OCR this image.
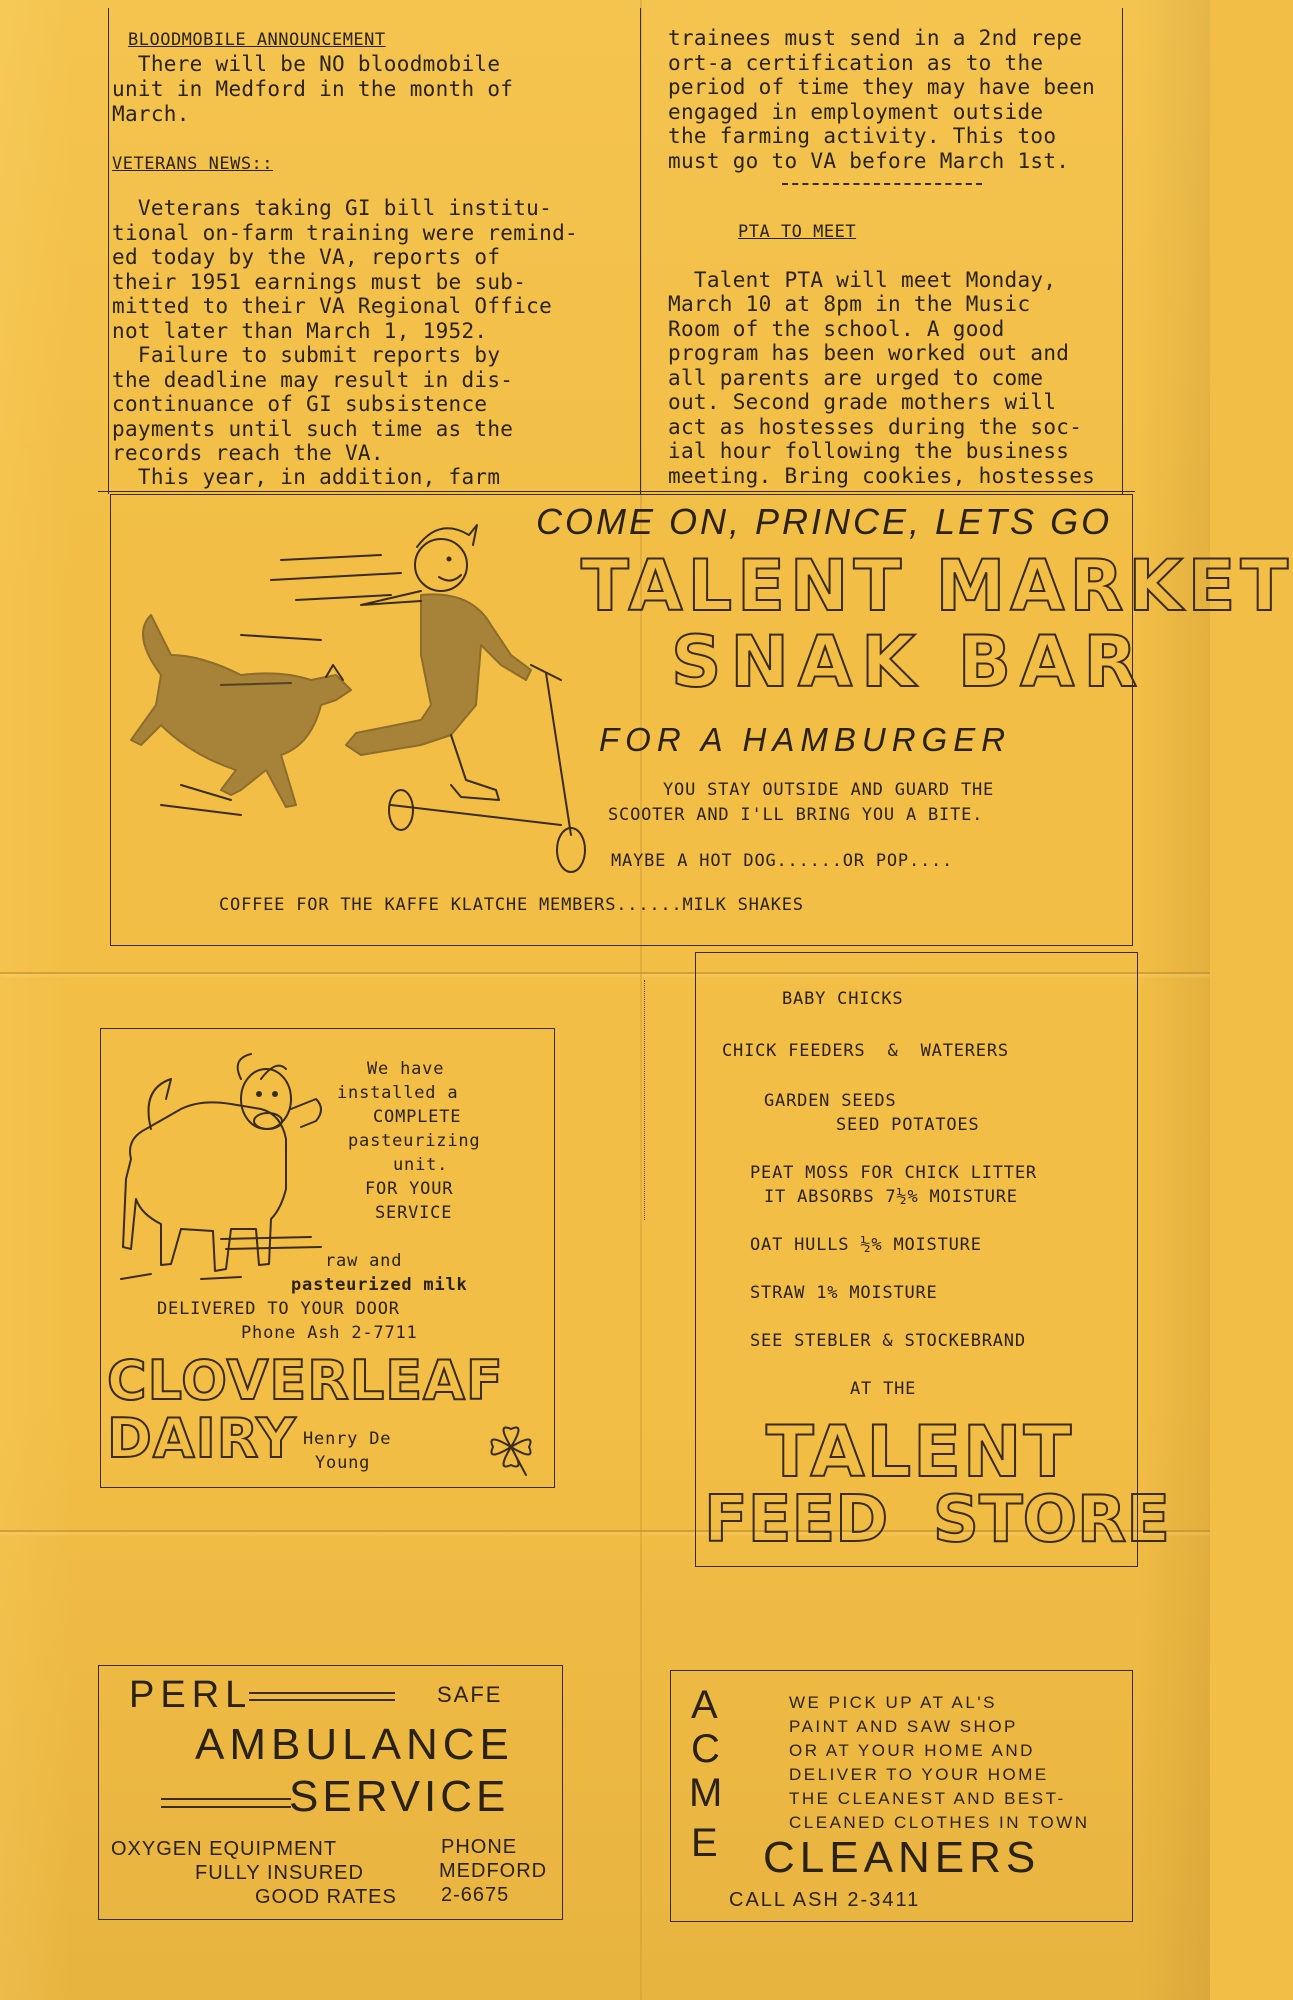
BLOODMOBILE ANNOUNCEMENT
There will be NO bloodmobile
unit in Medford in the month of
March.
VETERANS NEWS::
Veterans taking GI bill institu-
tional on-farm training were remind-
ed today by the VA, reports of
their 1951 earnings must be sub-
mitted to their VA Regional Office
not later than March 1, 1952.
Failure to submit reports by
the deadline may result in dis-
continuance of GI subsistence
payments until such time as the
records reach the VA.
This year, in addition, farm
trainees must send in a 2nd repe
ort-a certification as to the
period of time they may have been
engaged in employment outside
the farming activity. This too
must go to VA before March 1st.
PTA TO MEET
Talent PTA will meet Monday,
March 10 at 8pm in the Music
Room of the school. A good
program has been worked out and
all parents are urged to come
out. Second grade mothers will
act as hostesses during the soc-
ial hour following the business
meeting. Bring cookies, hostesses
COME ON, PRINCE, LETS GO
TALENT MARKET
SNAK BAR
FOR A HAMBURGER
YOU STAY OUTSIDE AND GUARD THE
SCOOTER AND I'LL BRING YOU A BITE.
MAYBE A HOT DOG......OR POP....
COFFEE FOR THE KAFFE KLATCHE MEMBERS......MILK SHAKES
We have
installed a
COMPLETE
pasteurizing
unit.
FOR YOUR
SERVICE
raw and
pasteurized milk
DELIVERED TO YOUR DOOR
Phone Ash 2-7711
CLOVERLEAF
DAIRY Henry De
Young
BABY CHICKS
CHICK FEEDERS  &  WATERERS
GARDEN SEEDS
SEED POTATOES
PEAT MOSS FOR CHICK LITTER
IT ABSORBS 7½% MOISTURE
OAT HULLS ½% MOISTURE
STRAW 1% MOISTURE
SEE STEBLER & STOCKEBRAND
AT THE
TALENT
FEED  STORE
PERL	SAFE
AMBULANCE
SERVICE
OXYGEN EQUIPMENT
FULLY INSURED
GOOD RATES
PHONE
MEDFORD
2-6675
A
C
M
E
WE PICK UP AT AL'S
PAINT AND SAW SHOP
OR AT YOUR HOME AND
DELIVER TO YOUR HOME
THE CLEANEST AND BEST-
CLEANED CLOTHES IN TOWN
CLEANERS
CALL ASH 2-3411
